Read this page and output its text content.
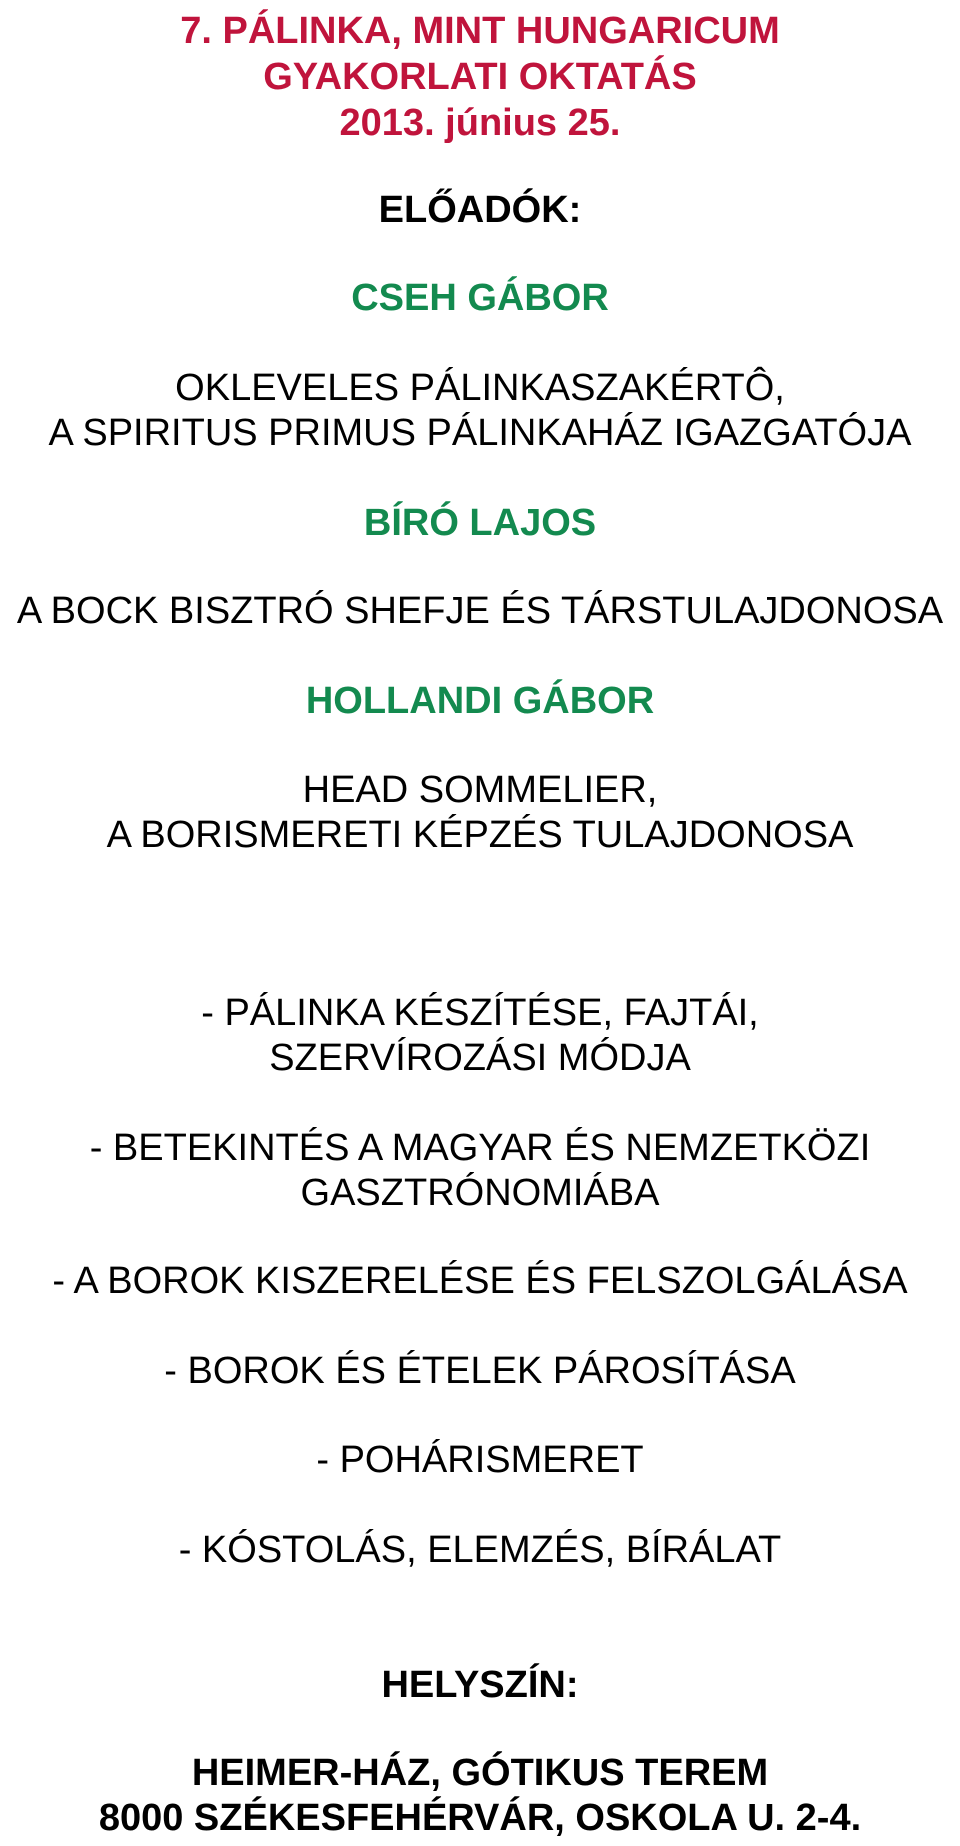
7. PÁLINKA, MINT HUNGARICUM
GYAKORLATI OKTATÁS
2013. június 25.
ELŐADÓK:
CSEH GÁBOR
OKLEVELES PÁLINKASZAKÉRTÔ,
A SPIRITUS PRIMUS PÁLINKAHÁZ IGAZGATÓJA
BÍRÓ LAJOS
A BOCK BISZTRÓ SHEFJE ÉS TÁRSTULAJDONOSA
HOLLANDI GÁBOR
HEAD SOMMELIER,
A BORISMERETI KÉPZÉS TULAJDONOSA
- PÁLINKA KÉSZÍTÉSE, FAJTÁI,
SZERVÍROZÁSI MÓDJA
- BETEKINTÉS A MAGYAR ÉS NEMZETKÖZI
GASZTRÓNOMIÁBA
- A BOROK KISZERELÉSE ÉS FELSZOLGÁLÁSA
- BOROK ÉS ÉTELEK PÁROSÍTÁSA
- POHÁRISMERET
- KÓSTOLÁS, ELEMZÉS, BÍRÁLAT
HELYSZÍN:
HEIMER-HÁZ, GÓTIKUS TEREM
8000 SZÉKESFEHÉRVÁR, OSKOLA U. 2-4.
